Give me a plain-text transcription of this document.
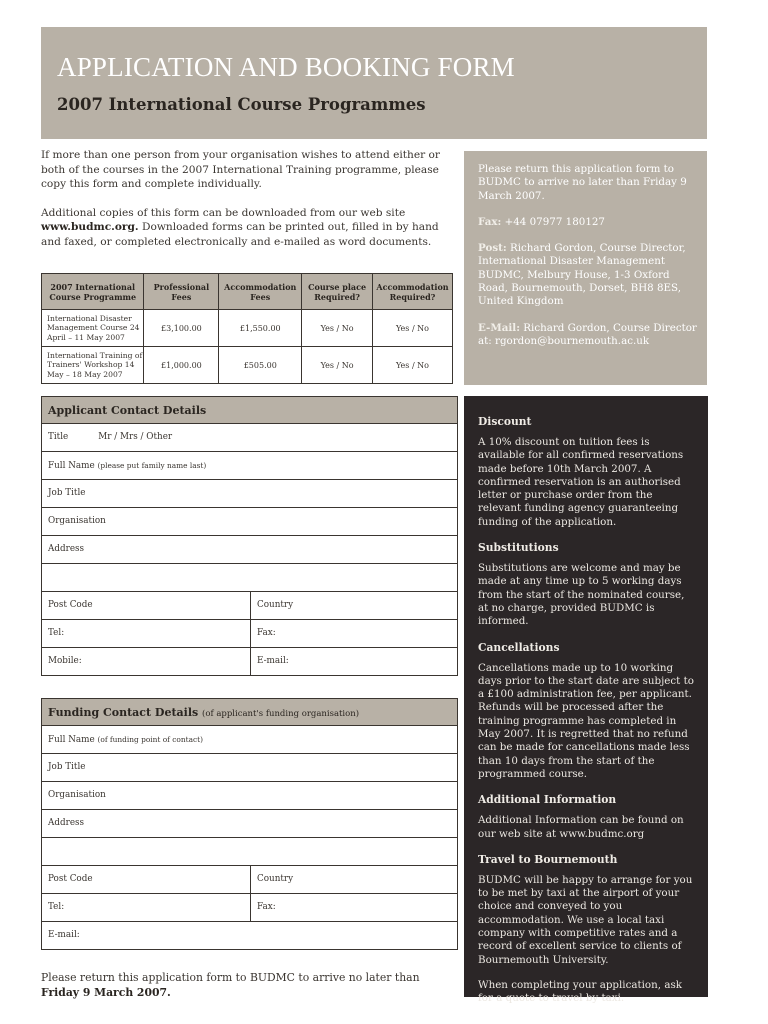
APPLICATION AND BOOKING FORM
2007 International Course Programmes

If more than one person from your organisation wishes to attend either or both of the courses in the 2007 International Training programme, please copy this form and complete individually.

Additional copies of this form can be downloaded from our web site www.budmc.org. Downloaded forms can be printed out, filled in by hand and faxed, or completed electronically and e-mailed as word documents.

Please return this application form to BUDMC to arrive no later than Friday 9 March 2007.

Fax: +44 07977 180127

Post: Richard Gordon, Course Director, International Disaster Management BUDMC, Melbury House, 1-3 Oxford Road, Bournemouth, Dorset, BH8 8ES, United Kingdom

E-Mail: Richard Gordon, Course Director at: rgordon@bournemouth.ac.uk

2007 International Course Programme	Professional Fees	Accommodation Fees	Course place Required?	Accommodation Required?
International Disaster Management Course 24 April – 11 May 2007	£3,100.00	£1,550.00	Yes / No	Yes / No
International Training of Trainers' Workshop 14 May – 18 May 2007	£1,000.00	£505.00	Yes / No	Yes / No
Applicant Contact Details
Title	Mr / Mrs / Other
Full Name (please put family name last)
Job Title
Organisation
Address
Post Code	Country
Tel:	Fax:
Mobile:	E-mail:
Funding Contact Details (of applicant's funding organisation)
Full Name (of funding point of contact)
Job Title
Organisation
Address
Post Code	Country
Tel:	Fax:
E-mail:
Please return this application form to BUDMC to arrive no later than
Friday 9 March 2007.
Discount

A 10% discount on tuition fees is available for all confirmed reservations made before 10th March 2007. A confirmed reservation is an authorised letter or purchase order from the relevant funding agency guaranteeing funding of the application.

Substitutions

Substitutions are welcome and may be made at any time up to 5 working days from the start of the nominated course, at no charge, provided BUDMC is informed.

Cancellations

Cancellations made up to 10 working days prior to the start date are subject to a £100 administration fee, per applicant. Refunds will be processed after the training programme has completed in May 2007. It is regretted that no refund can be made for cancellations made less than 10 days from the start of the programmed course.

Additional Information

Additional Information can be found on our web site at www.budmc.org

Travel to Bournemouth

BUDMC will be happy to arrange for you to be met by taxi at the airport of your choice and conveyed to you accommodation. We use a local taxi company with competitive rates and a record of excellent service to clients of Bournemouth University.

When completing your application, ask for a quote to travel by taxi.
